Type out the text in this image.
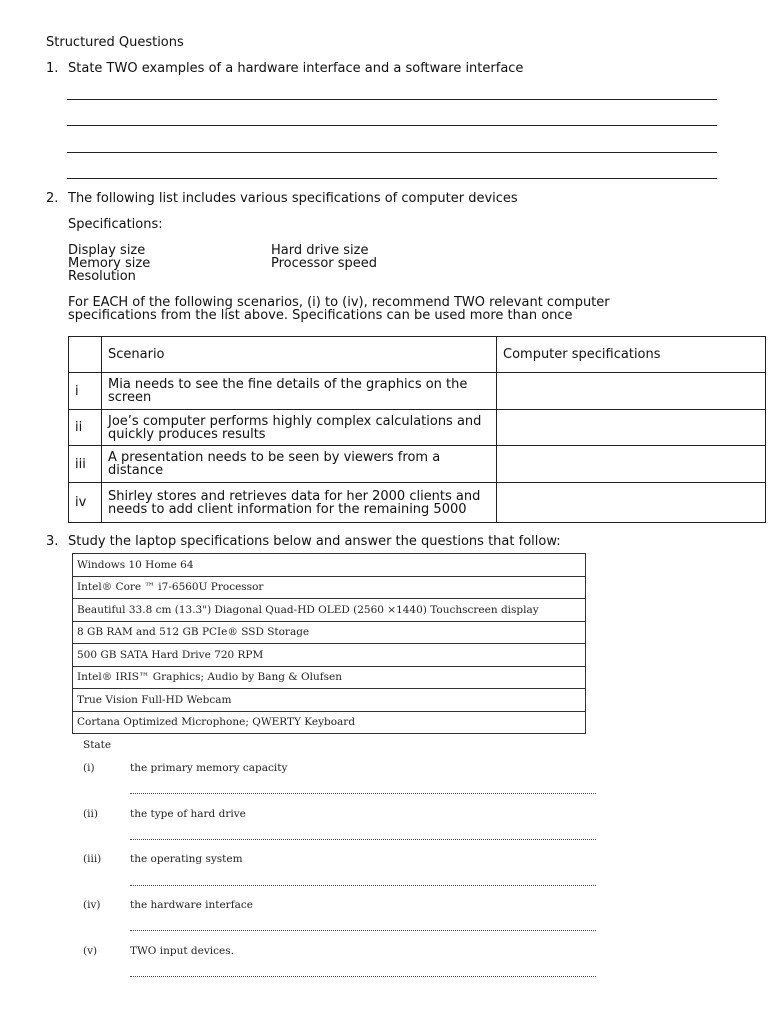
Structured Questions
1. State TWO examples of a hardware interface and a software interface
2. The following list includes various specifications of computer devices
Specifications:
Display size
Memory size
Resolution
Hard drive size
Processor speed
For EACH of the following scenarios, (i) to (iv), recommend TWO relevant computer
specifications from the list above. Specifications can be used more than once
	Scenario	Computer specifications
i	Mia needs to see the fine details of the graphics on the screen	
ii	Joe’s computer performs highly complex calculations and quickly produces results	
iii	A presentation needs to be seen by viewers from a distance	
iv	Shirley stores and retrieves data for her 2000 clients and needs to add client information for the remaining 5000	
3. Study the laptop specifications below and answer the questions that follow:
Windows 10 Home 64
Intel® Core ™ i7-6560U Processor
Beautiful 33.8 cm (13.3") Diagonal Quad-HD OLED (2560 ×1440) Touchscreen display
8 GB RAM and 512 GB PCIe® SSD Storage
500 GB SATA Hard Drive 720 RPM
Intel® IRIS™ Graphics; Audio by Bang & Olufsen
True Vision Full-HD Webcam
Cortana Optimized Microphone; QWERTY Keyboard
State
(i)	the primary memory capacity
(ii)	the type of hard drive
(iii)	the operating system
(iv)	the hardware interface
(v)	TWO input devices.
